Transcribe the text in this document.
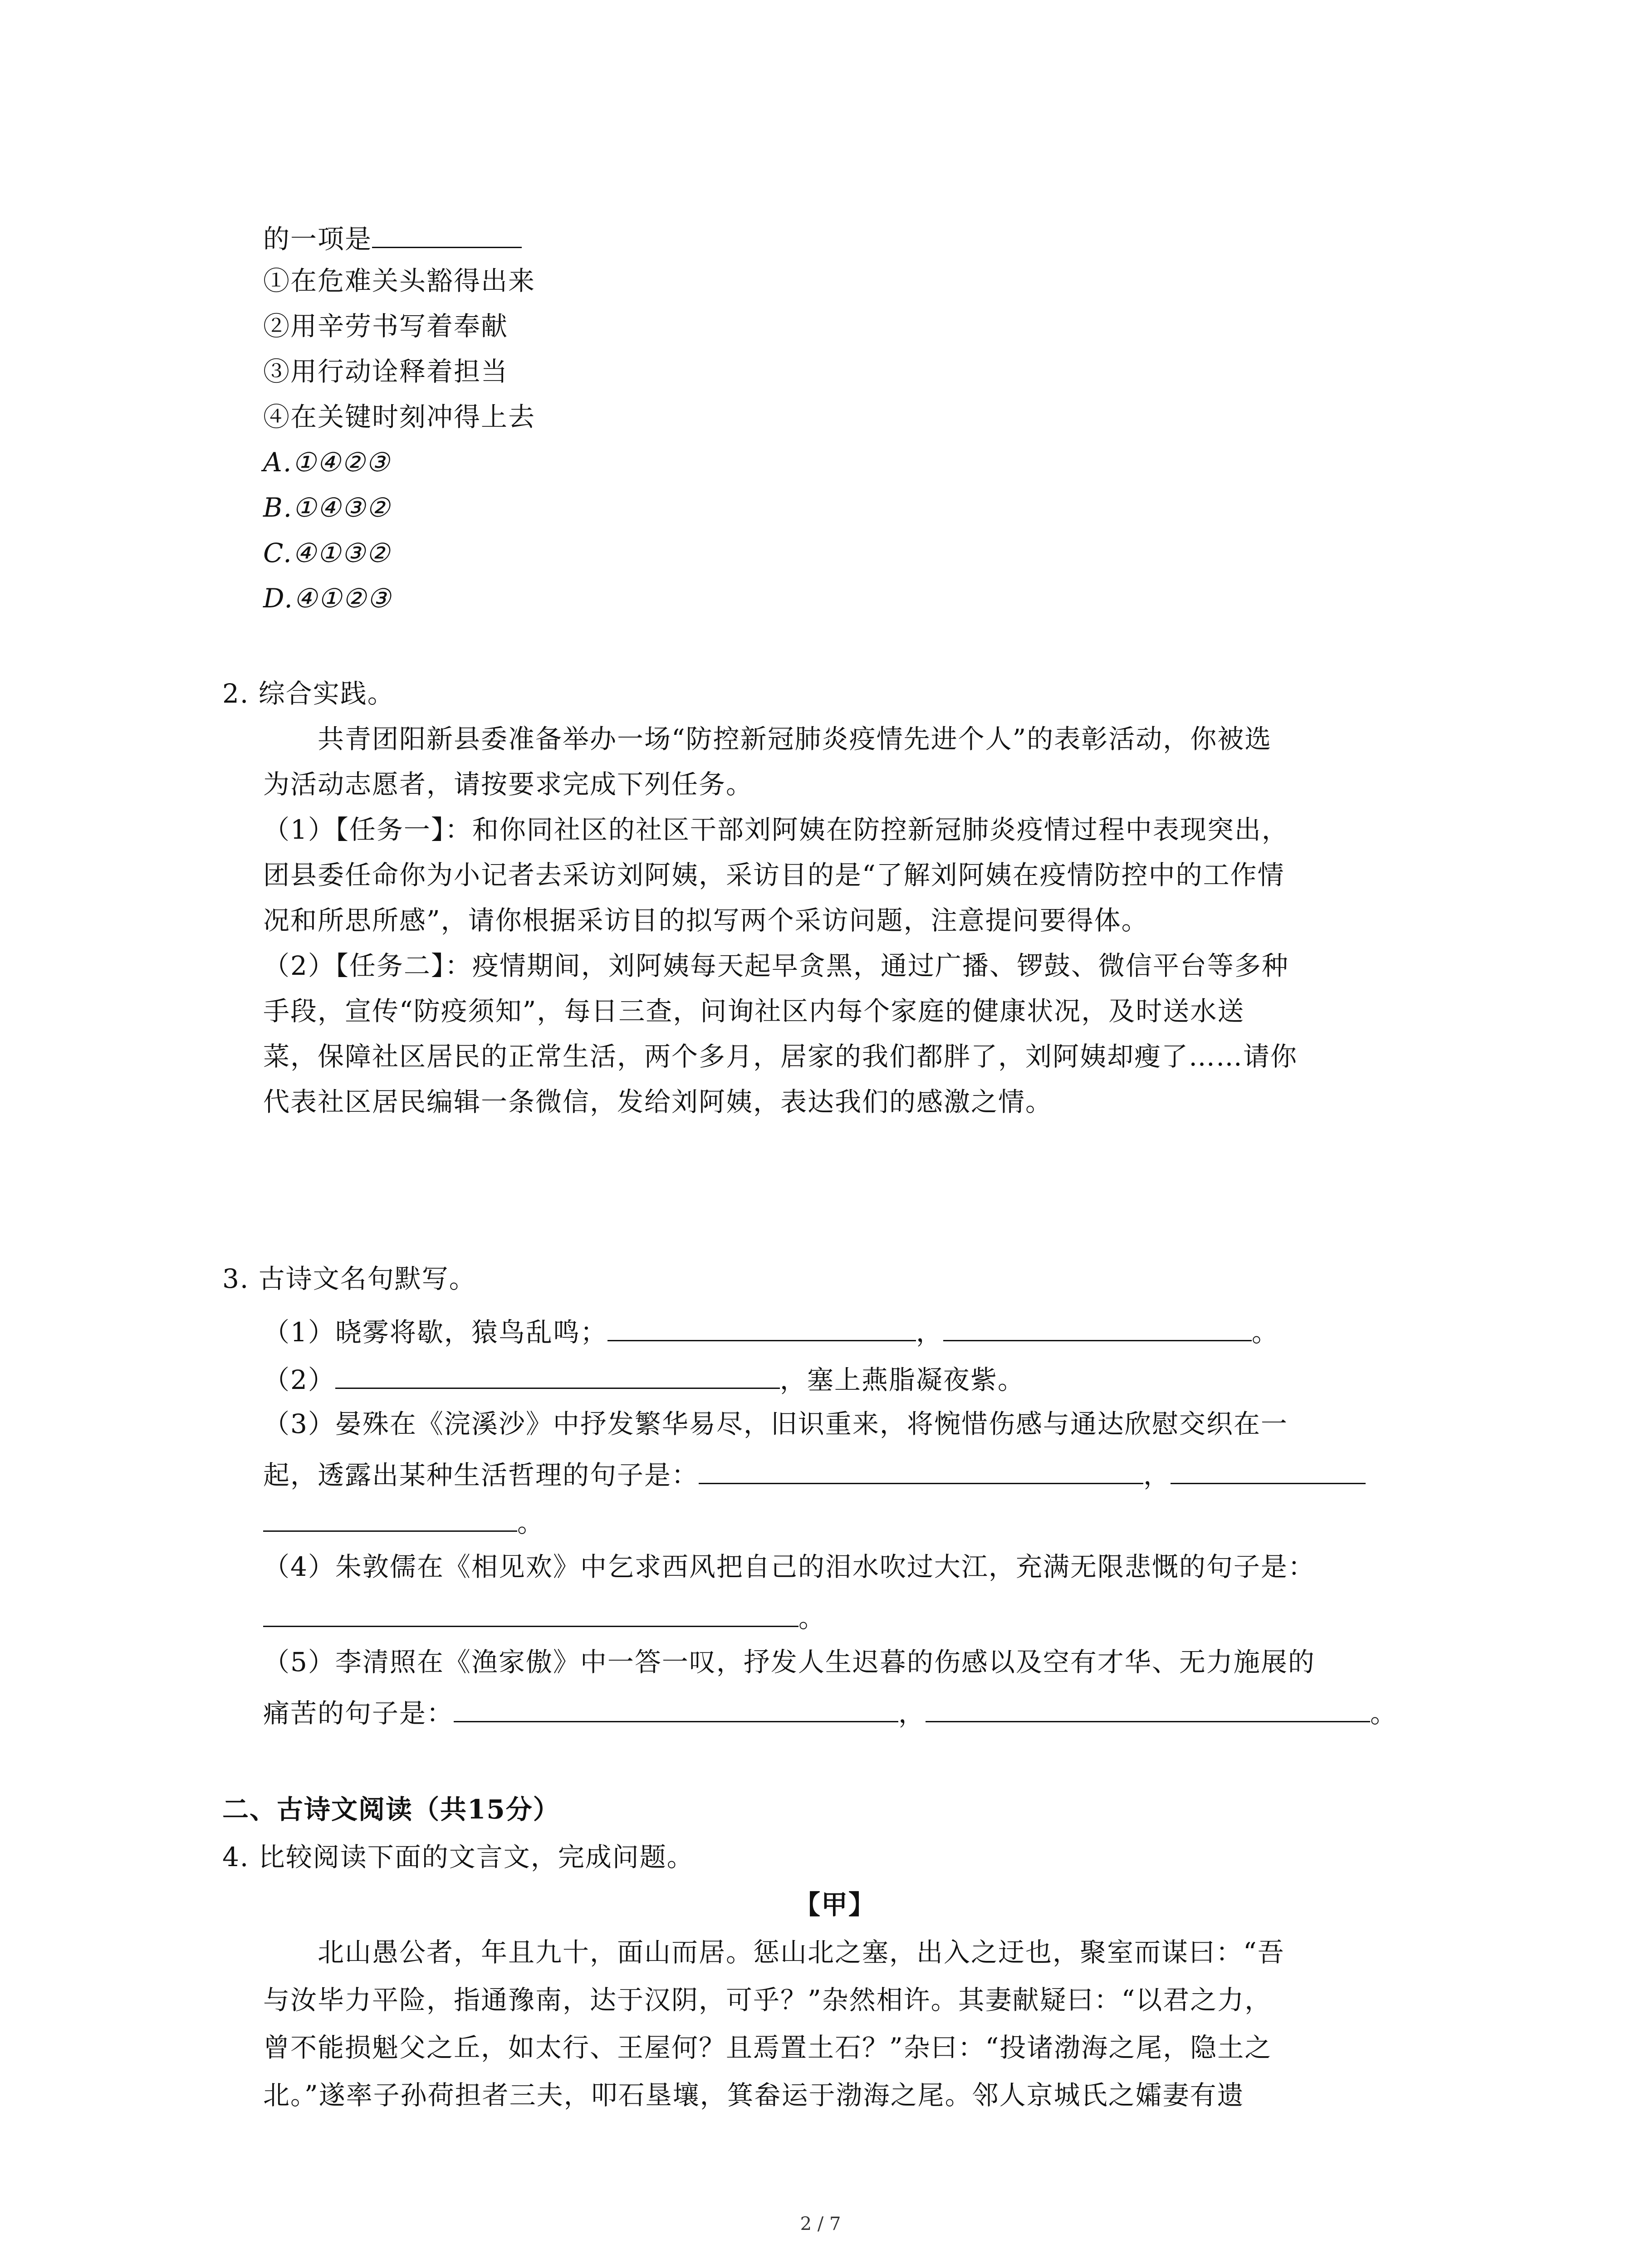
的一项是
①在危难关头豁得出来
②用辛劳书写着奉献
③用行动诠释着担当
④在关键时刻冲得上去
A.①④②③
B.①④③②
C.④①③②
D.④①②③
2. 综合实践。
共青团阳新县委准备举办一场“防控新冠肺炎疫情先进个人”的表彰活动，你被选
为活动志愿者，请按要求完成下列任务。
（1）【任务一】：和你同社区的社区干部刘阿姨在防控新冠肺炎疫情过程中表现突出，
团县委任命你为小记者去采访刘阿姨，采访目的是“了解刘阿姨在疫情防控中的工作情
况和所思所感”，请你根据采访目的拟写两个采访问题，注意提问要得体。
（2）【任务二】：疫情期间，刘阿姨每天起早贪黑，通过广播、锣鼓、微信平台等多种
手段，宣传“防疫须知”，每日三查，问询社区内每个家庭的健康状况，及时送水送
菜，保障社区居民的正常生活，两个多月，居家的我们都胖了，刘阿姨却瘦了……请你
代表社区居民编辑一条微信，发给刘阿姨，表达我们的感激之情。
3. 古诗文名句默写。
（1）晓雾将歇，猿鸟乱鸣；	，	。
（2）	，塞上燕脂凝夜紫。
（3）晏殊在《浣溪沙》中抒发繁华易尽，旧识重来，将惋惜伤感与通达欣慰交织在一
起，透露出某种生活哲理的句子是：	，
。
（4）朱敦儒在《相见欢》中乞求西风把自己的泪水吹过大江，充满无限悲慨的句子是：
。
（5）李清照在《渔家傲》中一答一叹，抒发人生迟暮的伤感以及空有才华、无力施展的
痛苦的句子是：	，	。
二、古诗文阅读（共15分）
4. 比较阅读下面的文言文，完成问题。
【甲】
北山愚公者，年且九十，面山而居。惩山北之塞，出入之迂也，聚室而谋曰：“吾
与汝毕力平险，指通豫南，达于汉阴，可乎？”杂然相许。其妻献疑曰：“以君之力，
曾不能损魁父之丘，如太行、王屋何？且焉置土石？”杂曰：“投诸渤海之尾，隐土之
北。”遂率子孙荷担者三夫，叩石垦壤，箕畚运于渤海之尾。邻人京城氏之孀妻有遗
2 / 7
